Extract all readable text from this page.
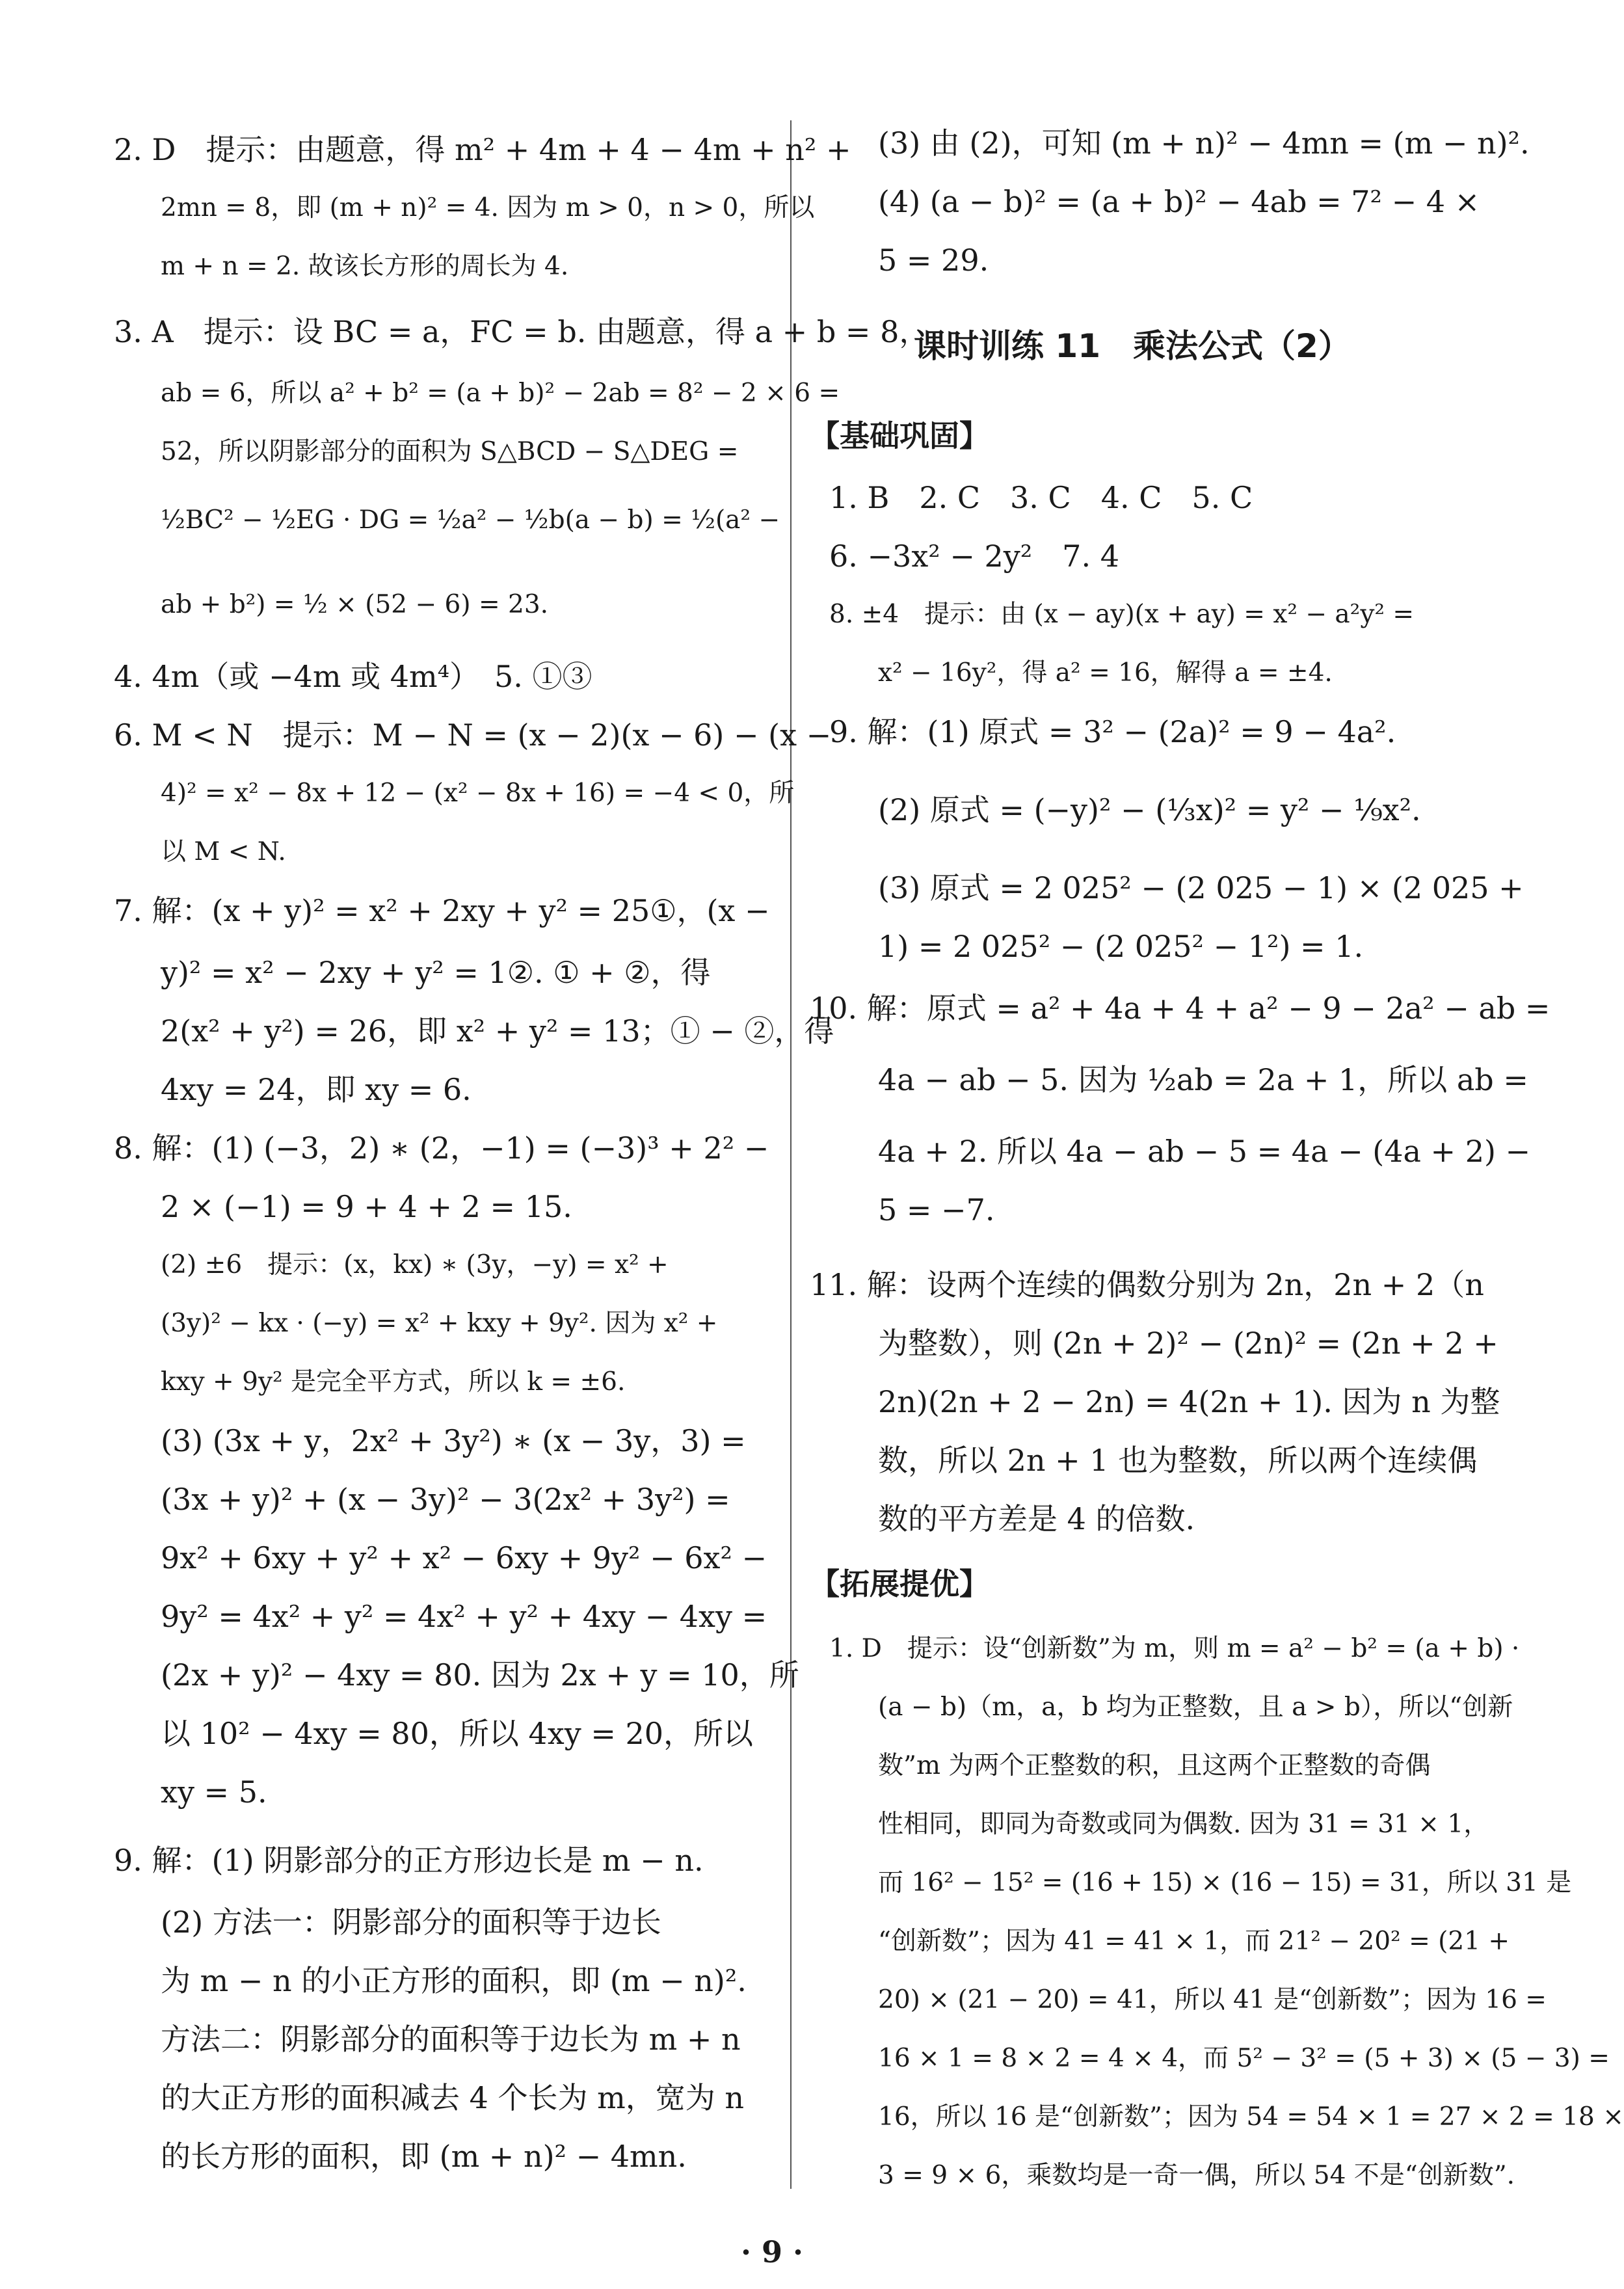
2. D　提示：由题意，得 m² + 4m + 4 − 4m + n² +
2mn = 8，即 (m + n)² = 4. 因为 m > 0，n > 0，所以
m + n = 2. 故该长方形的周长为 4.
3. A　提示：设 BC = a，FC = b. 由题意，得 a + b = 8，
ab = 6，所以 a² + b² = (a + b)² − 2ab = 8² − 2 × 6 =
52，所以阴影部分的面积为 S△BCD − S△DEG =
½BC² − ½EG · DG = ½a² − ½b(a − b) = ½(a² −
ab + b²) = ½ × (52 − 6) = 23.
4. 4m（或 −4m 或 4m⁴）　5. ①③
6. M < N　提示：M − N = (x − 2)(x − 6) − (x −
4)² = x² − 8x + 12 − (x² − 8x + 16) = −4 < 0，所
以 M < N.
7. 解：(x + y)² = x² + 2xy + y² = 25①，(x −
y)² = x² − 2xy + y² = 1②. ① + ②，得
2(x² + y²) = 26，即 x² + y² = 13；① − ②，得
4xy = 24，即 xy = 6.
8. 解：(1) (−3，2) ∗ (2，−1) = (−3)³ + 2² −
2 × (−1) = 9 + 4 + 2 = 15.
(2) ±6　提示：(x，kx) ∗ (3y，−y) = x² +
(3y)² − kx · (−y) = x² + kxy + 9y². 因为 x² +
kxy + 9y² 是完全平方式，所以 k = ±6.
(3) (3x + y，2x² + 3y²) ∗ (x − 3y，3) =
(3x + y)² + (x − 3y)² − 3(2x² + 3y²) =
9x² + 6xy + y² + x² − 6xy + 9y² − 6x² −
9y² = 4x² + y² = 4x² + y² + 4xy − 4xy =
(2x + y)² − 4xy = 80. 因为 2x + y = 10，所
以 10² − 4xy = 80，所以 4xy = 20，所以
xy = 5.
9. 解：(1) 阴影部分的正方形边长是 m − n.
(2) 方法一：阴影部分的面积等于边长
为 m − n 的小正方形的面积，即 (m − n)².
方法二：阴影部分的面积等于边长为 m + n
的大正方形的面积减去 4 个长为 m，宽为 n
的长方形的面积，即 (m + n)² − 4mn.
(3) 由 (2)，可知 (m + n)² − 4mn = (m − n)².
(4) (a − b)² = (a + b)² − 4ab = 7² − 4 ×
5 = 29.
课时训练 11　乘法公式（2）
【基础巩固】
1. B　2. C　3. C　4. C　5. C
6. −3x² − 2y²　7. 4
8. ±4　提示：由 (x − ay)(x + ay) = x² − a²y² =
x² − 16y²，得 a² = 16，解得 a = ±4.
9. 解：(1) 原式 = 3² − (2a)² = 9 − 4a².
(2) 原式 = (−y)² − (⅓x)² = y² − ⅑x².
(3) 原式 = 2 025² − (2 025 − 1) × (2 025 +
1) = 2 025² − (2 025² − 1²) = 1.
10. 解：原式 = a² + 4a + 4 + a² − 9 − 2a² − ab =
4a − ab − 5. 因为 ½ab = 2a + 1，所以 ab =
4a + 2. 所以 4a − ab − 5 = 4a − (4a + 2) −
5 = −7.
11. 解：设两个连续的偶数分别为 2n，2n + 2（n
为整数），则 (2n + 2)² − (2n)² = (2n + 2 +
2n)(2n + 2 − 2n) = 4(2n + 1). 因为 n 为整
数，所以 2n + 1 也为整数，所以两个连续偶
数的平方差是 4 的倍数.
【拓展提优】
1. D　提示：设“创新数”为 m，则 m = a² − b² = (a + b) ·
(a − b)（m，a，b 均为正整数，且 a > b），所以“创新
数”m 为两个正整数的积，且这两个正整数的奇偶
性相同，即同为奇数或同为偶数. 因为 31 = 31 × 1，
而 16² − 15² = (16 + 15) × (16 − 15) = 31，所以 31 是
“创新数”；因为 41 = 41 × 1，而 21² − 20² = (21 +
20) × (21 − 20) = 41，所以 41 是“创新数”；因为 16 =
16 × 1 = 8 × 2 = 4 × 4，而 5² − 3² = (5 + 3) × (5 − 3) =
16，所以 16 是“创新数”；因为 54 = 54 × 1 = 27 × 2 = 18 ×
3 = 9 × 6，乘数均是一奇一偶，所以 54 不是“创新数”.
· 9 ·
